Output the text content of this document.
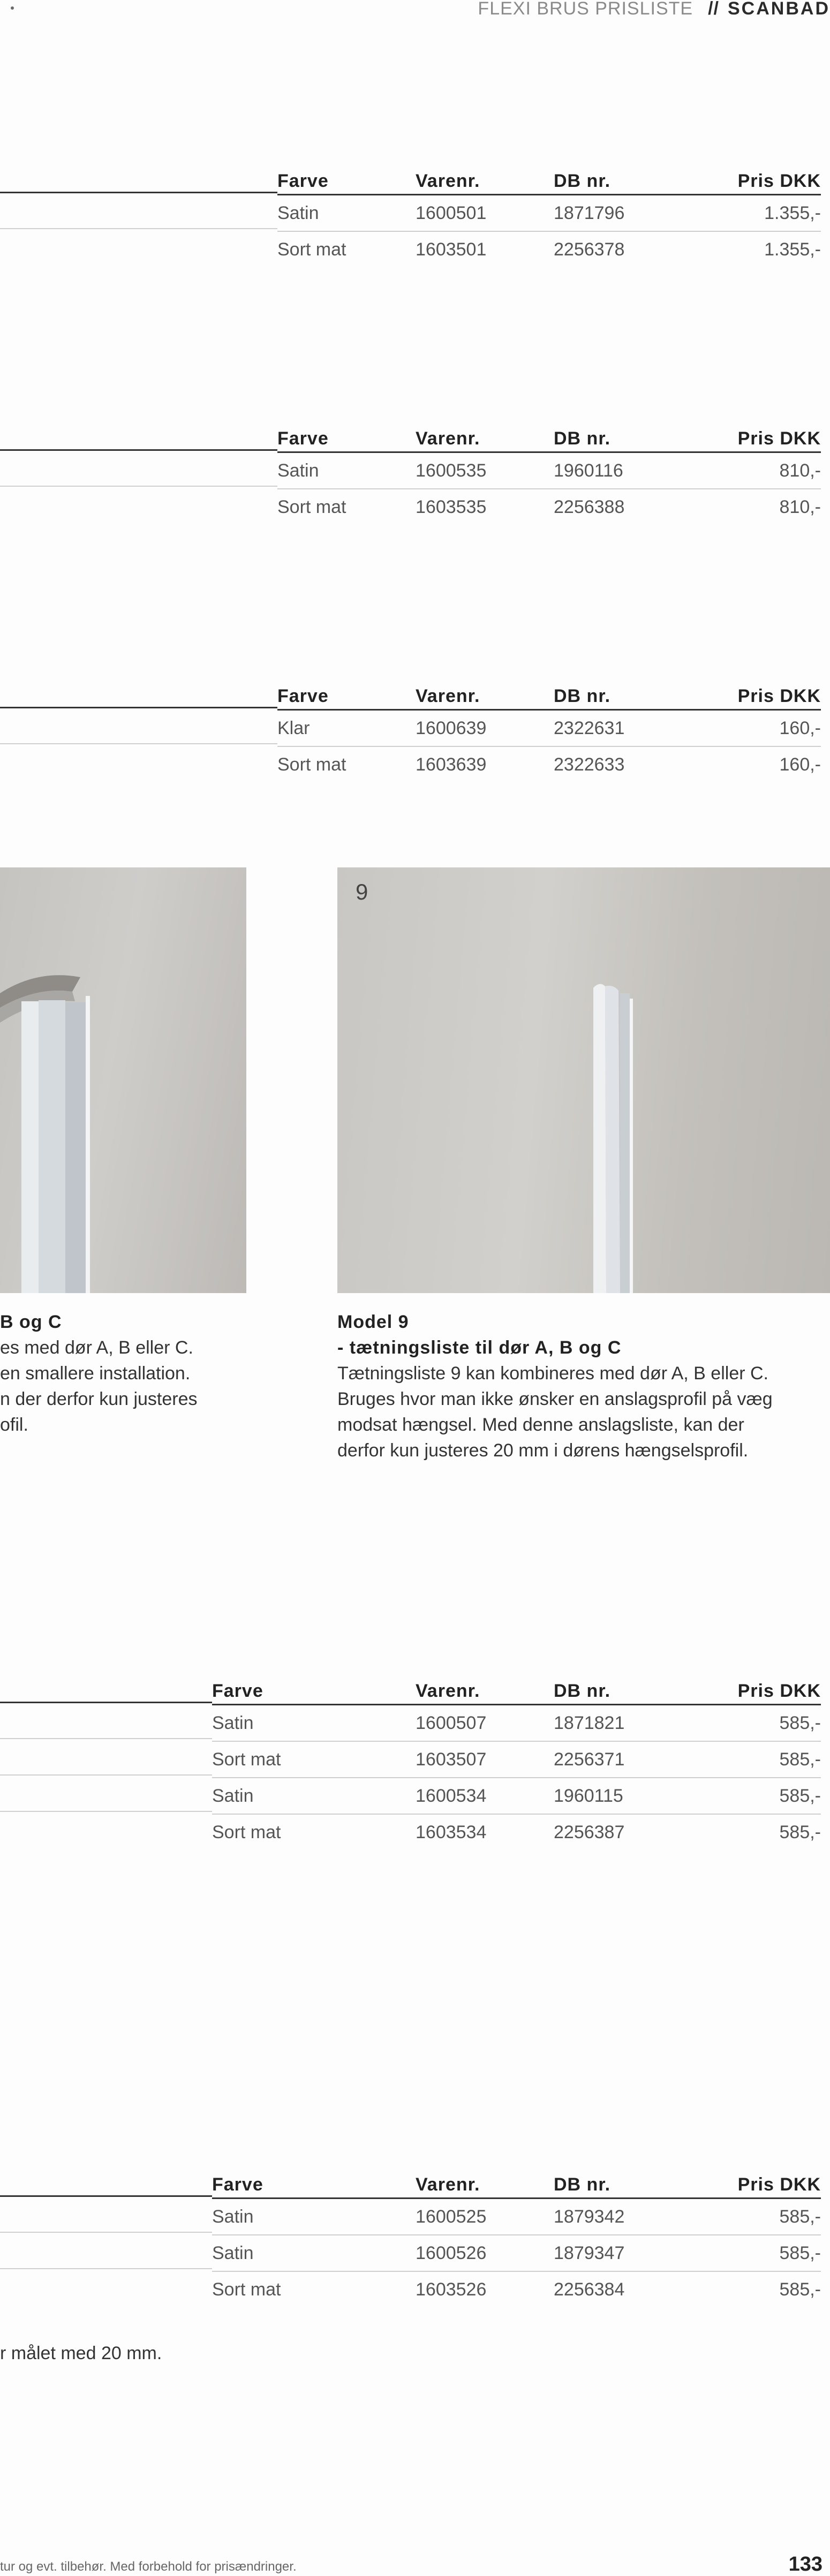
FLEXI BRUS PRISLISTE // SCANBAD
Farve	Varenr.	DB nr.	Pris DKK
Satin	1600501	1871796	1.355,-
Sort mat	1603501	2256378	1.355,-
Farve	Varenr.	DB nr.	Pris DKK
Satin	1600535	1960116	810,-
Sort mat	1603535	2256388	810,-
Farve	Varenr.	DB nr.	Pris DKK
Klar	1600639	2322631	160,-
Sort mat	1603639	2322633	160,-
9
B og C
es med dør A, B eller C.
en smallere installation.
n der derfor kun justeres
ofil.
Model 9
- tætningsliste til dør A, B og C
Tætningsliste 9 kan kombineres med dør A, B eller C.
Bruges hvor man ikke ønsker en anslagsprofil på væg
modsat hængsel. Med denne anslagsliste, kan der
derfor kun justeres 20 mm i dørens hængselsprofil.
Farve	Varenr.	DB nr.	Pris DKK
Satin	1600507	1871821	585,-
Sort mat	1603507	2256371	585,-
Satin	1600534	1960115	585,-
Sort mat	1603534	2256387	585,-
Farve	Varenr.	DB nr.	Pris DKK
Satin	1600525	1879342	585,-
Satin	1600526	1879347	585,-
Sort mat	1603526	2256384	585,-
r målet med 20 mm.
tur og evt. tilbehør. Med forbehold for prisændringer.	133
